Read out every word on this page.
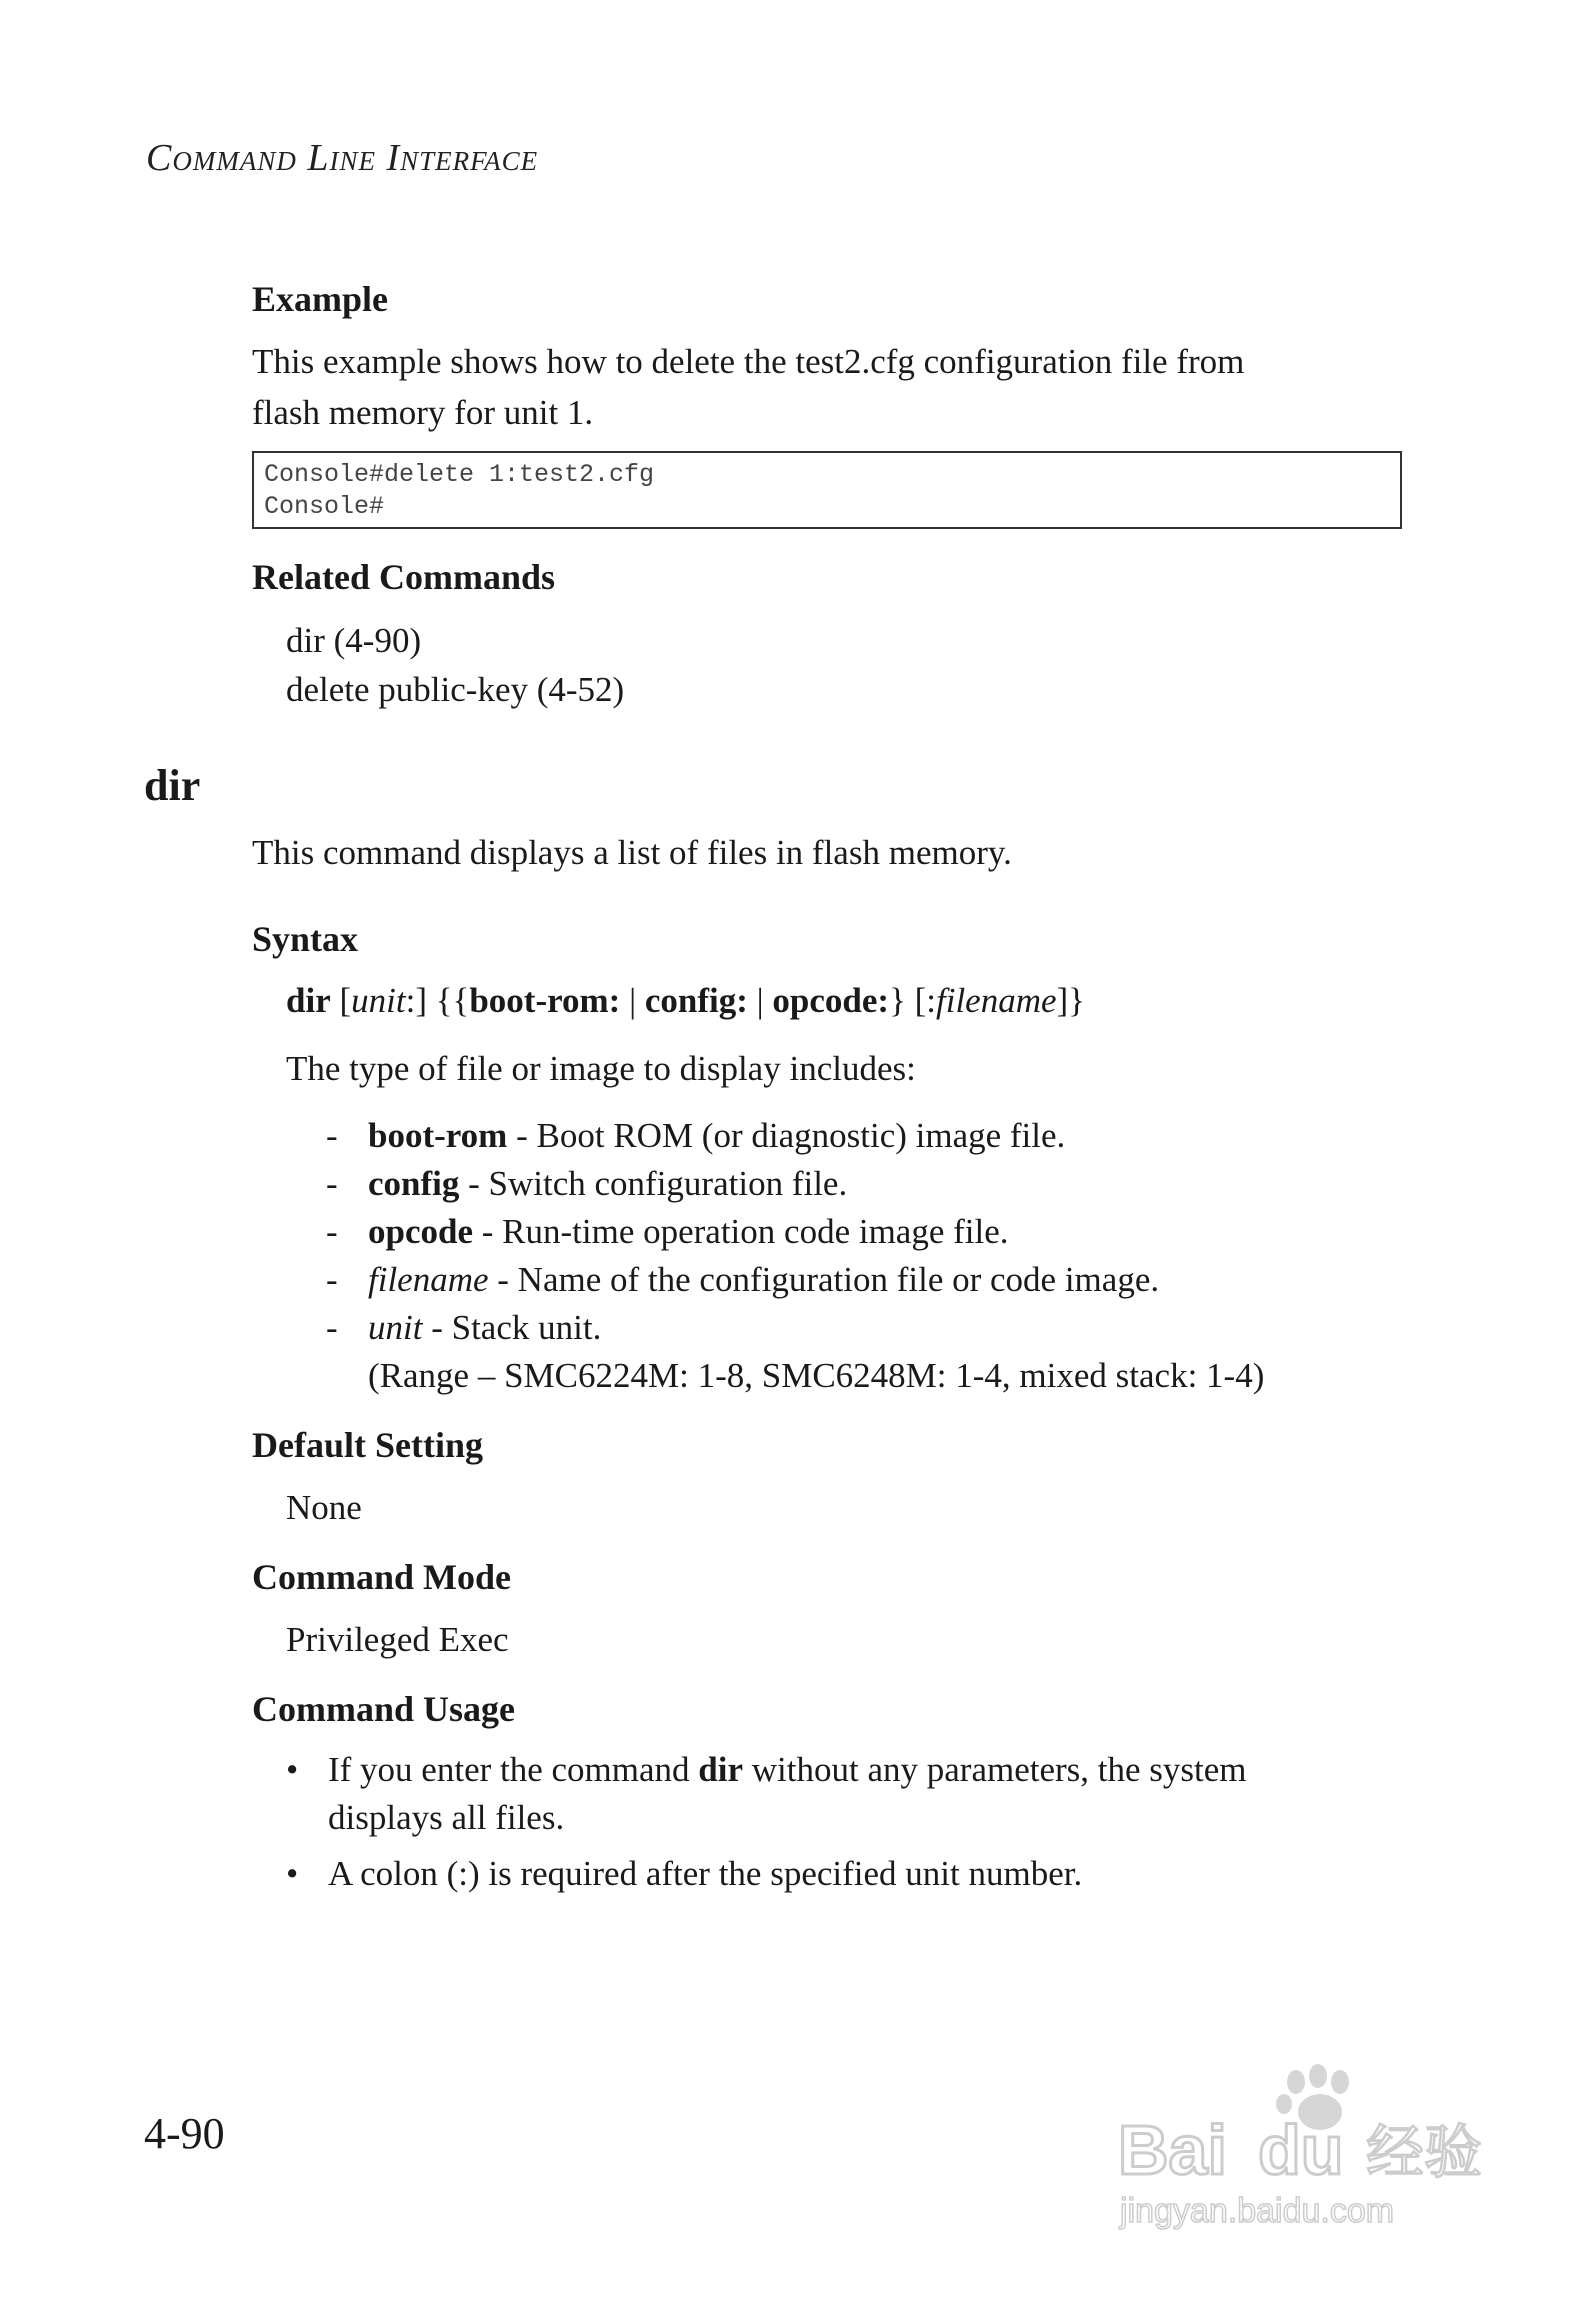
Command Line Interface

Example

This example shows how to delete the test2.cfg configuration file from

flash memory for unit 1.

Console#delete 1:test2.cfg
Console#

Related Commands

dir (4-90)

delete public-key (4-52)

dir

This command displays a list of files in flash memory.

Syntax

dir [unit:] {{boot-rom: | config: | opcode:} [:filename]}

The type of file or image to display includes:

- boot-rom - Boot ROM (or diagnostic) image file.

- config - Switch configuration file.

- opcode - Run-time operation code image file.

- filename - Name of the configuration file or code image.

- unit - Stack unit.

(Range – SMC6224M: 1-8, SMC6248M: 1-4, mixed stack: 1-4)

Default Setting

None

Command Mode

Privileged Exec

Command Usage

• If you enter the command dir without any parameters, the system

displays all files.

• A colon (:) is required after the specified unit number.

4-90	Bai du 经验
jingyan.baidu.com
